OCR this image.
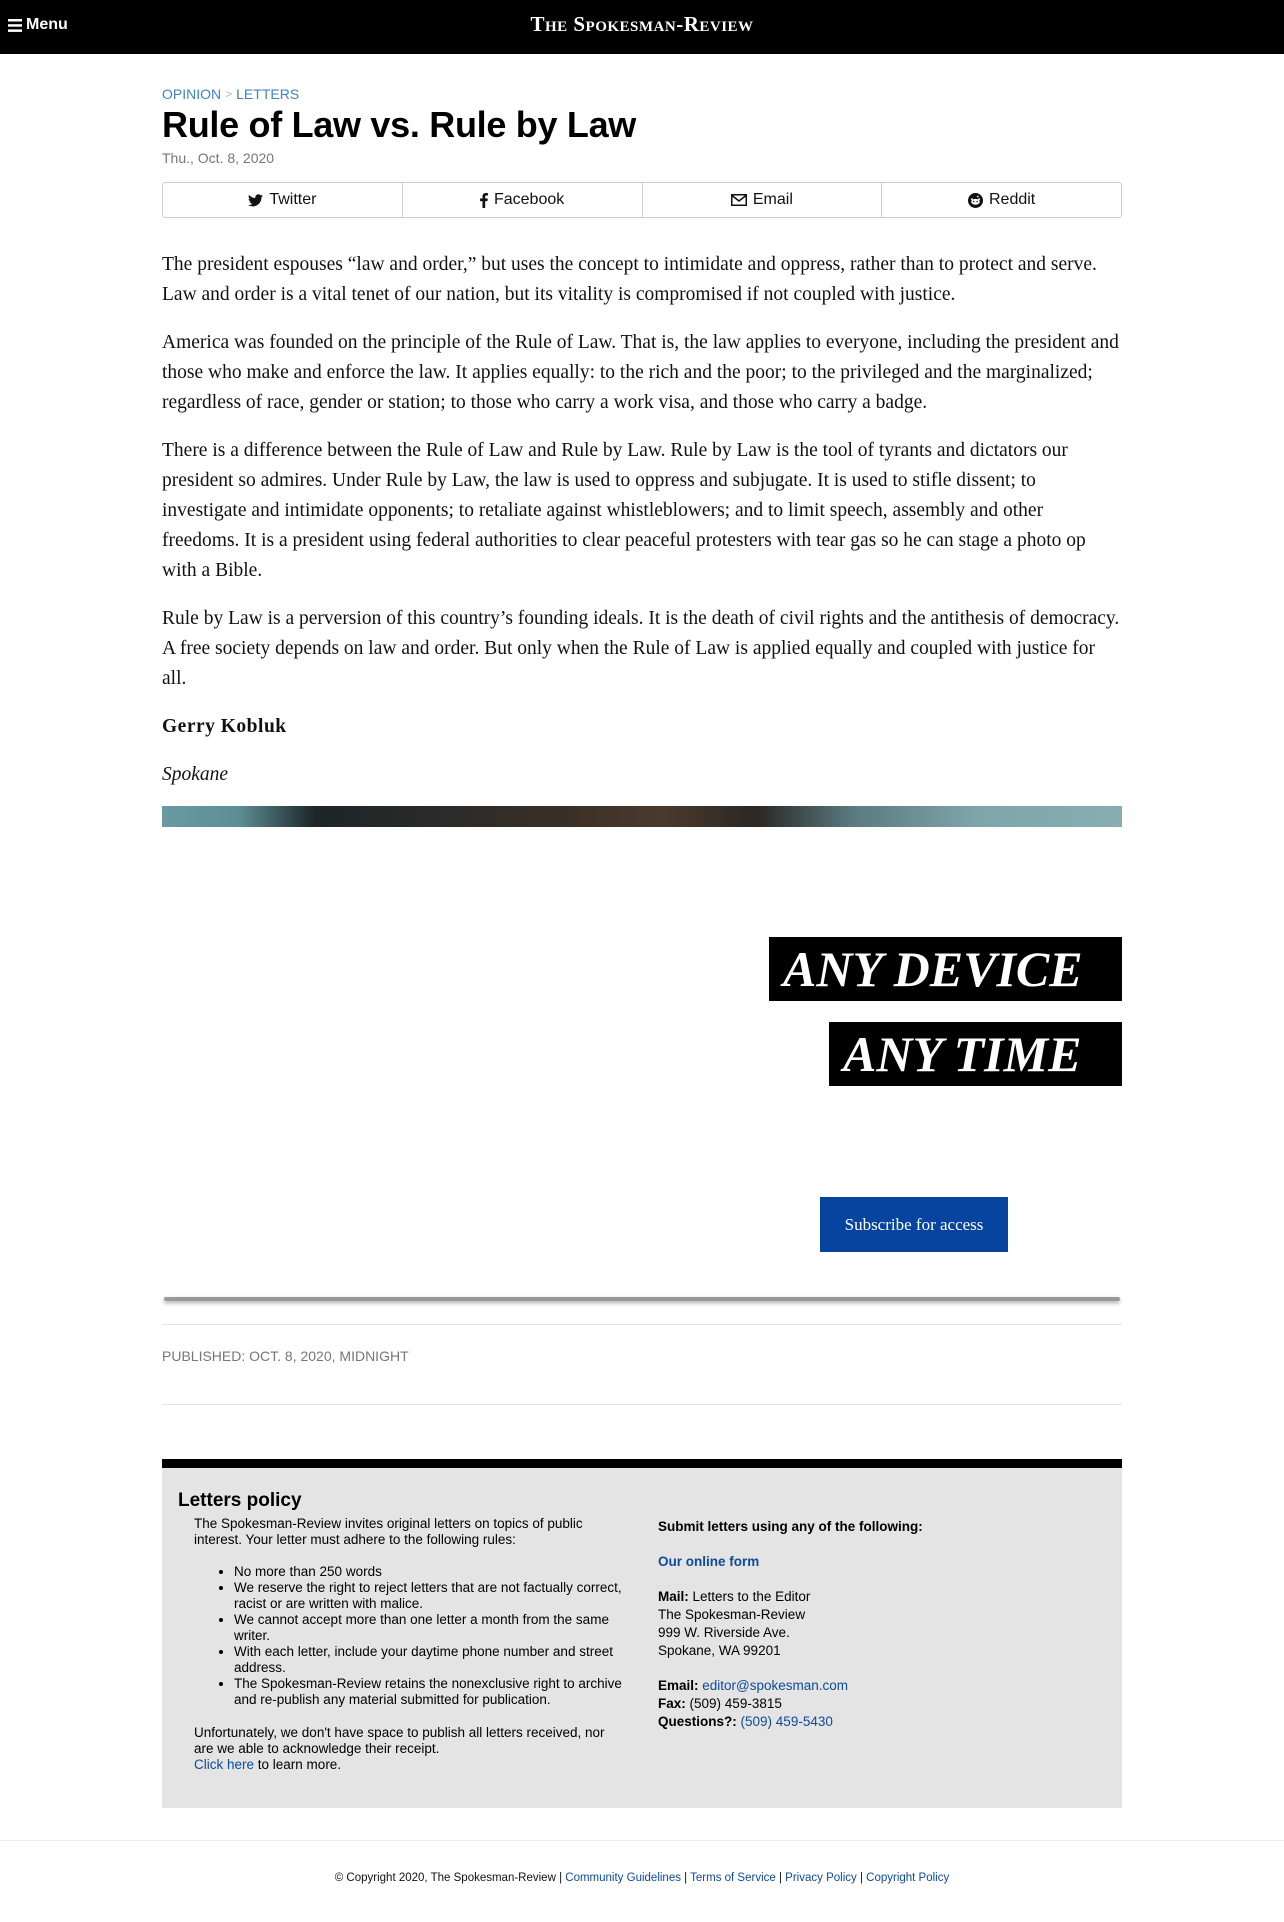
Menu	The Spokesman-Review
OPINION > LETTERS
Rule of Law vs. Rule by Law
Thu., Oct. 8, 2020
Twitter	Facebook	Email	Reddit

The president espouses “law and order,” but uses the concept to intimidate and oppress, rather than to protect and serve. Law and order is a vital tenet of our nation, but its vitality is compromised if not coupled with justice.

America was founded on the principle of the Rule of Law. That is, the law applies to everyone, including the president and those who make and enforce the law. It applies equally: to the rich and the poor; to the privileged and the marginalized; regardless of race, gender or station; to those who carry a work visa, and those who carry a badge.

There is a difference between the Rule of Law and Rule by Law. Rule by Law is the tool of tyrants and dictators our president so admires. Under Rule by Law, the law is used to oppress and subjugate. It is used to stifle dissent; to investigate and intimidate opponents; to retaliate against whistleblowers; and to limit speech, assembly and other freedoms. It is a president using federal authorities to clear peaceful protesters with tear gas so he can stage a photo op with a Bible.

Rule by Law is a perversion of this country’s founding ideals. It is the death of civil rights and the antithesis of democracy. A free society depends on law and order. But only when the Rule of Law is applied equally and coupled with justice for all.

Gerry Kobluk

Spokane

ANY DEVICE
ANY TIME
Subscribe for access
PUBLISHED: OCT. 8, 2020, MIDNIGHT
Letters policy
The Spokesman-Review invites original letters on topics of public interest. Your letter must adhere to the following rules:
• No more than 250 words
• We reserve the right to reject letters that are not factually correct, racist or are written with malice.
• We cannot accept more than one letter a month from the same writer.
• With each letter, include your daytime phone number and street address.
• The Spokesman-Review retains the nonexclusive right to archive and re-publish any material submitted for publication.
Unfortunately, we don't have space to publish all letters received, nor are we able to acknowledge their receipt.
Click here to learn more.
Submit letters using any of the following:
Our online form
Mail: Letters to the Editor
The Spokesman-Review
999 W. Riverside Ave.
Spokane, WA 99201
Email: editor@spokesman.com
Fax: (509) 459-3815
Questions?: (509) 459-5430
© Copyright 2020, The Spokesman-Review | Community Guidelines | Terms of Service | Privacy Policy | Copyright Policy
